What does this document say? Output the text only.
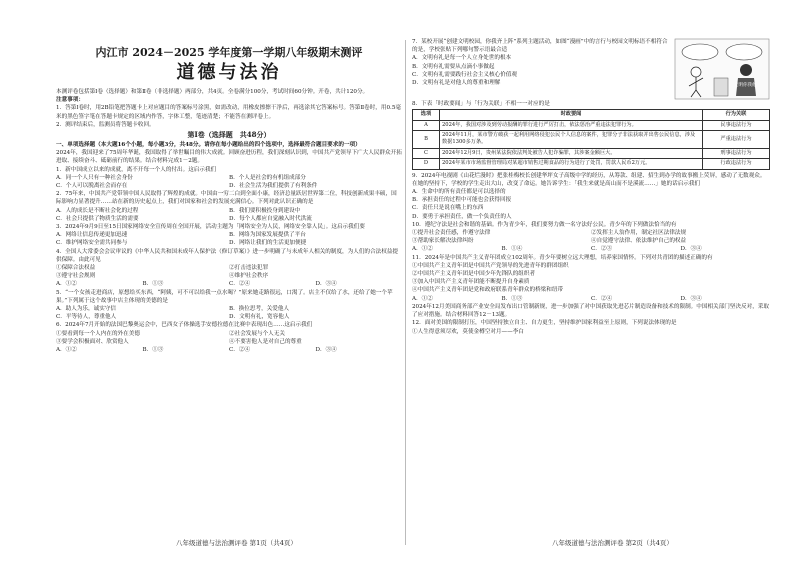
内江市 2024－2025 学年度第一学期八年级期末测评
道德与法治

本测评卷包括第Ⅰ卷（选择题）和第Ⅱ卷（非选择题）两部分，共4页。全卷满分100分，考试时间60分钟。开卷，共计120分。

注意事项：

1．答第Ⅰ卷时，用2B铅笔把答题卡上对应题目的答案标号涂黑，如需改动，用橡皮擦擦干净后，再选涂其它答案标号。答第Ⅱ卷时，用0.5毫米的黑色签字笔在答题卡规定的区域内作答，字体工整，笔迹清楚；不能答在测评卷上。

2．测评结束后，监测员将答题卡收回。

第Ⅰ卷（选择题　共48分）

一、单项选择题（本大题16个小题，每小题3分，共48分。请你在每小题给出的四个选项中，选择最符合题目要求的一项）

2024年，我国迎来了75周年华诞，我国取得了举世瞩目的伟大成就。回顾奋进历程，我们深刻认识到，中国共产党领导下广大人民群众开拓进取、接续奋斗、砥砺前行的结果。结合材料完成1－2题。

1．新中国成立以来的成就，离不开每一个人的付出。这启示我们

A．同一个人只有一种社会身份	B．个人是社会的有机组成部分
C．个人可以脱离社会而存在	D．社会生活为我们提供了有利条件

2．75年来，中国共产党带领中国人民取得了辉煌的成就。中国由一穷二白到全面小康，经济总量跃居世界第二位，科技创新成果丰硕，国际影响力显著提升……站在新的历史起点上，我们对国家和社会的发展充满信心。下列对此认识正确的是

A．人的成长是不断社会化的过程	B．我们要积极投身到建设中
C．社会只提供了物质生活的需要	D．每个人都应自觉融入时代洪流

3．2024年9月9日至15日国家网络安全宣传周在全国开展，活动主题为「网络安全为人民，网络安全靠人民」。这启示我们要

A．网络让信息传递更加迅速	B．网络为国家发展提供了平台
C．维护网络安全需共同参与	D．网络让我们的生活更加便捷

4．全国人大常委会会议审议的《中华人民共和国未成年人保护法（修订草案）》进一步明确了与未成年人相关的制度，为人们的合法权益提供保障。由此可见

①保障合法权益	②打击违法犯罪
③遵守社会规则	④维护社会秩序
A．①②	B．①③	C．②④	D．③④

5．“一个女孩走进商店，原想给买东西，“阿姨，可不可以给我一点水喝？”原来她走路很远，口渴了。店主不仅给了水，还给了她一个苹果。”下列属于这个故事中店主体现的美德的是

A．助人为乐，诚实守信	B．换位思考，关爱他人
C．平等待人，尊重他人	D．文明有礼，宽容他人

6．2024年7月开始的法国巴黎奥运会中，巴西女子体操选手安德拉德在比赛中表现出色……这启示我们

①要看到每一个人内在的外在美德	②社会发展与个人无关
③要学会积极面对、欣赏他人	④不要害他人是对自己的尊重
A．①②	B．①③	C．②④	D．③④
八年级道德与法治测评卷 第1页（共4页）

7．某校开展“创建文明校园，你我齐上阵”系列主题活动，如图“漫画”中的言行与校园文明标语不相符合的是，学校张贴下列哪句警示语最合适

A．文明有礼是每一个人立身处世的根本

B．文明有礼需要从点滴小事做起

C．文明有礼需要践行社会主义核心价值观

D．文明有礼是对他人的尊重和理解	文明你我他

8．下表「时政要闻」与「行为关联」不相一一对应的是

选项	时政要闻	行为关联
A	2024年，我国对涉及到劳动报酬的罪行进行严厉打击，依法惩治严重违法犯罪行为。	民事违法行为
B	2024年11月，某市警方破获一起利用网络侵犯公民个人信息的案件，犯罪分子非法获取并出售公民信息，涉及数据1300多万条。	严重违法行为
C	2024年12月9日，贵州某法院依法判处被告人犯诈骗罪，其涉案金额巨大。	刑事违法行为
D	2024年某市市场监督管理局对某超市销售过期食品的行为进行了处罚，罚款人民币2万元。	行政违法行为

9．2024年电视剧《山花烂漫时》把张桂梅校长创建华坪女子高级中学的经历，从筹款、组建、招生到办学的故事搬上荧屏，感动了无数观众。在她的坚持下，学校的学生走出大山，改变了命运。她告诉学生：「我生来就是高山而不是溪流……」她的话启示我们

A．生命中的所有责任都是可以选择的

B．承担责任的过程中可能也会获得回报

C．责任只是说在嘴上的东西

D．要勇于承担责任，做一个负责任的人

10．遵纪守法是社会和谐的基础。作为青少年，我们要努力做一名守法好公民。青少年的下列做法恰当的有

①提升社会责任感，作遵守法律	②发挥主人翁作用，制定社区法律法规
③帮助家长解决法律纠纷	④自觉遵守法律、依法维护自己的权益
A．①②	B．①④	C．②③	D．③④

11．2024年是中国共产主义青年团成立102周年。青少年要树立远大理想，培养家国情怀。下列对共青团的描述正确的有

①中国共产主义青年团是中国共产党领导的先进青年的群团组织

②中国共产主义青年团是中国少年先锋队的组织者

③加入中国共产主义青年团能不断提升自身素质

④中国共产主义青年团是党和政府联系青年群众的桥梁和纽带

A．①②	B．①③	C．②④	D．③④

2024年12月美国商务部产业安全局发布出口管制新规，进一步加强了对中国获取先进芯片制造设备和技术的限制。中国相关部门坚决反对，采取了应对措施。结合材料回答12－13题。

12．面对美国的限制打压，中国坚持独立自主、自力更生，坚持维护国家利益至上原则，下列说法体现的是

①人生得意须尽欢，莫使金樽空对月——李白

八年级道德与法治测评卷 第2页（共4页）
